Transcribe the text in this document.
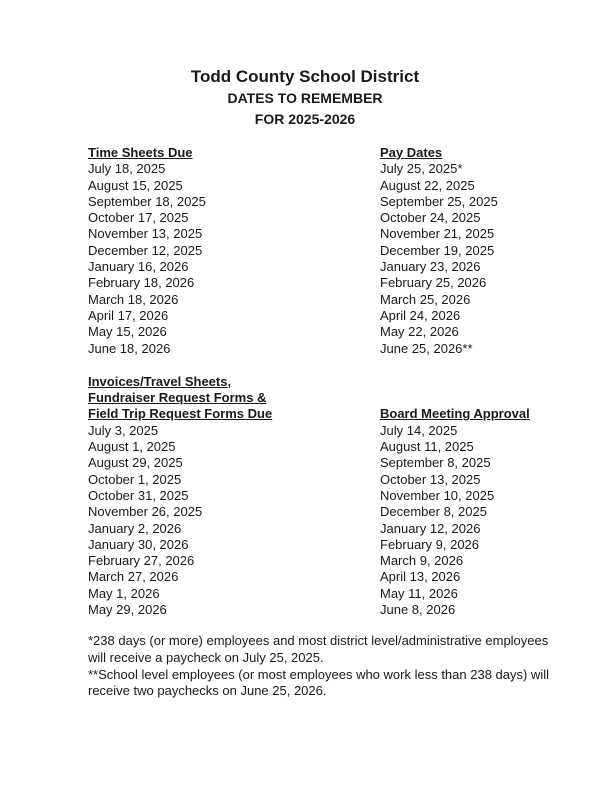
Todd County School District
DATES TO REMEMBER
FOR 2025-2026
Time Sheets Due
July 18, 2025
August 15, 2025
September 18, 2025
October 17, 2025
November 13, 2025
December 12, 2025
January 16, 2026
February 18, 2026
March 18, 2026
April 17, 2026
May 15, 2026
June 18, 2026
Pay Dates
July 25, 2025*
August 22, 2025
September 25, 2025
October 24, 2025
November 21, 2025
December 19, 2025
January 23, 2026
February 25, 2026
March 25, 2026
April 24, 2026
May 22, 2026
June 25, 2026**
Invoices/Travel Sheets,
Fundraiser Request Forms &
Field Trip Request Forms Due
July 3, 2025
August 1, 2025
August 29, 2025
October 1, 2025
October 31, 2025
November 26, 2025
January 2, 2026
January 30, 2026
February 27, 2026
March 27, 2026
May 1, 2026
May 29, 2026
Board Meeting Approval
July 14, 2025
August 11, 2025
September 8, 2025
October 13, 2025
November 10, 2025
December 8, 2025
January 12, 2026
February 9, 2026
March 9, 2026
April 13, 2026
May 11, 2026
June 8, 2026

*238 days (or more) employees and most district level/administrative employees will receive a paycheck on July 25, 2025.

**School level employees (or most employees who work less than 238 days) will receive two paychecks on June 25, 2026.
